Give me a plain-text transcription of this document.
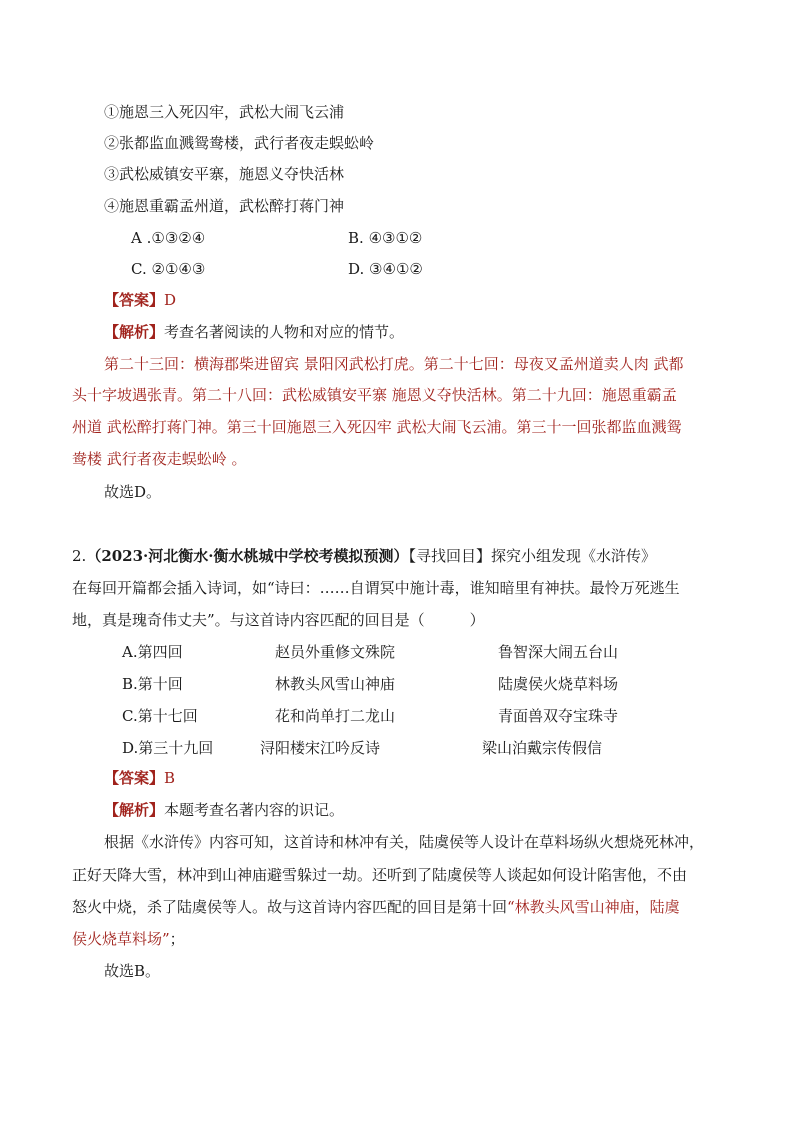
①施恩三入死囚牢，武松大闹飞云浦
②张都监血溅鸳鸯楼，武行者夜走蜈蚣岭
③武松威镇安平寨，施恩义夺快活林
④施恩重霸孟州道，武松醉打蒋门神
A .①③②④	B. ④③①②
C. ②①④③	D. ③④①②
【答案】D
【解析】考查名著阅读的人物和对应的情节。
第二十三回：横海郡柴进留宾 景阳冈武松打虎。第二十七回：母夜叉孟州道卖人肉 武都
头十字坡遇张青。第二十八回：武松威镇安平寨 施恩义夺快活林。第二十九回：施恩重霸孟
州道 武松醉打蒋门神。第三十回施恩三入死囚牢 武松大闹飞云浦。第三十一回张都监血溅鸳
鸯楼 武行者夜走蜈蚣岭 。
故选D。
2.（2023·河北衡水·衡水桃城中学校考模拟预测）【寻找回目】探究小组发现《水浒传》
在每回开篇都会插入诗词，如“诗曰：……自谓冥中施计毒，谁知暗里有神扶。最怜万死逃生
地，真是瑰奇伟丈夫”。与这首诗内容匹配的回目是（　　　）
A.第四回	赵员外重修文殊院	鲁智深大闹五台山
B.第十回	林教头风雪山神庙	陆虞侯火烧草料场
C.第十七回	花和尚单打二龙山	青面兽双夺宝珠寺
D.第三十九回	浔阳楼宋江吟反诗	梁山泊戴宗传假信
【答案】B
【解析】本题考查名著内容的识记。
根据《水浒传》内容可知，这首诗和林冲有关，陆虞侯等人设计在草料场纵火想烧死林冲，
正好天降大雪，林冲到山神庙避雪躲过一劫。还听到了陆虞侯等人谈起如何设计陷害他，不由
怒火中烧，杀了陆虞侯等人。故与这首诗内容匹配的回目是第十回“林教头风雪山神庙，陆虞
侯火烧草料场”；
故选B。
